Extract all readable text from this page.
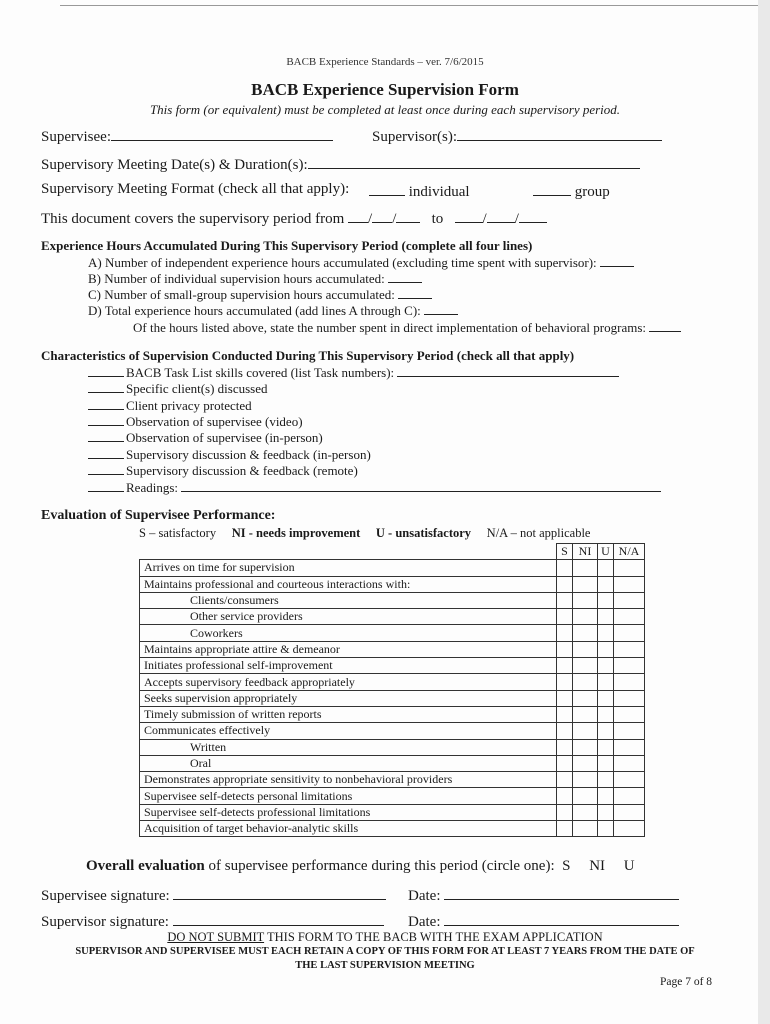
BACB Experience Standards – ver. 7/6/2015
BACB Experience Supervision Form
This form (or equivalent) must be completed at least once during each supervisory period.
Supervisee:	Supervisor(s):
Supervisory Meeting Date(s) & Duration(s):
Supervisory Meeting Format (check all that apply):	individual	group
This document covers the supervisory period from / / to	/ /
Experience Hours Accumulated During This Supervisory Period (complete all four lines)
A) Number of independent experience hours accumulated (excluding time spent with supervisor):
B) Number of individual supervision hours accumulated:
C) Number of small-group supervision hours accumulated:
D) Total experience hours accumulated (add lines A through C):
Of the hours listed above, state the number spent in direct implementation of behavioral programs:
Characteristics of Supervision Conducted During This Supervisory Period (check all that apply)
BACB Task List skills covered (list Task numbers):
Specific client(s) discussed
Client privacy protected
Observation of supervisee (video)
Observation of supervisee (in-person)
Supervisory discussion & feedback (in-person)
Supervisory discussion & feedback (remote)
Readings:
Evaluation of Supervisee Performance:
S – satisfactory NI - needs improvement U - unsatisfactory N/A – not applicable
	S	NI	U	N/A
Arrives on time for supervision				
Maintains professional and courteous interactions with:				
Clients/consumers				
Other service providers				
Coworkers				
Maintains appropriate attire & demeanor				
Initiates professional self-improvement				
Accepts supervisory feedback appropriately				
Seeks supervision appropriately				
Timely submission of written reports				
Communicates effectively				
Written				
Oral				
Demonstrates appropriate sensitivity to nonbehavioral providers				
Supervisee self-detects personal limitations				
Supervisee self-detects professional limitations				
Acquisition of target behavior-analytic skills				
Overall evaluation of supervisee performance during this period (circle one): S     NI     U
Supervisee signature:	Date:
Supervisor signature:	Date:
DO NOT SUBMIT THIS FORM TO THE BACB WITH THE EXAM APPLICATION
SUPERVISOR AND SUPERVISEE MUST EACH RETAIN A COPY OF THIS FORM FOR AT LEAST 7 YEARS FROM THE DATE OF
THE LAST SUPERVISION MEETING
Page 7 of 8
